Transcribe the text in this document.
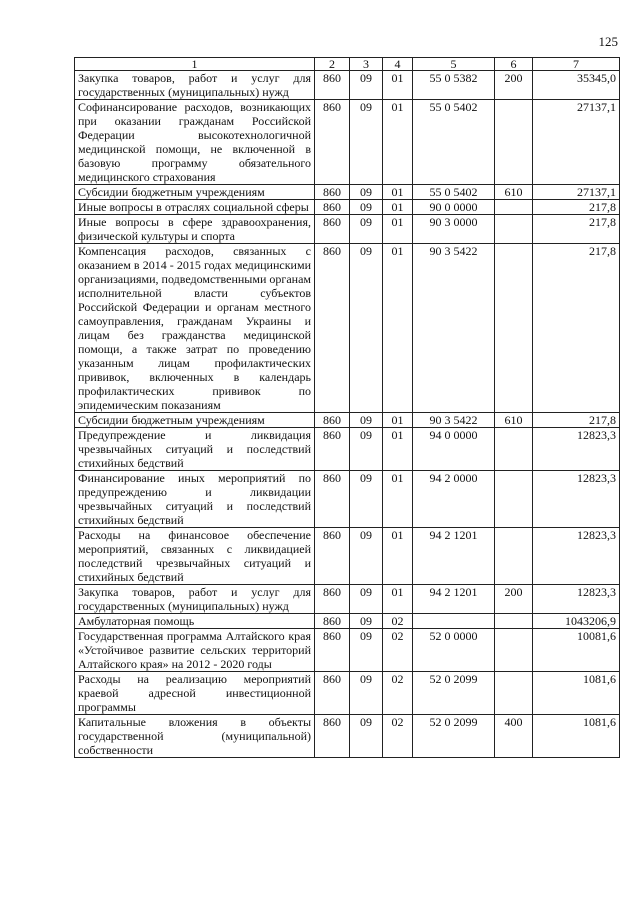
125
1	2	3	4	5	6	7
Закупка товаров, работ и услуг для государственных (муниципальных) нужд	860	09	01	55 0 5382	200	35345,0
Софинансирование расходов, возникающих при оказании гражданам Российской Федерации высокотехнологичной медицинской помощи, не включенной в базовую программу обязательного медицинского страхования	860	09	01	55 0 5402		27137,1
Субсидии бюджетным учреждениям	860	09	01	55 0 5402	610	27137,1
Иные вопросы в отраслях социальной сферы	860	09	01	90 0 0000		217,8
Иные вопросы в сфере здравоохранения, физической культуры и спорта	860	09	01	90 3 0000		217,8
Компенсация расходов, связанных с оказанием в 2014 - 2015 годах медицинскими организациями, подведомственными органам исполнительной власти субъектов Российской Федерации и органам местного самоуправления, гражданам Украины и лицам без гражданства медицинской помощи, а также затрат по проведению указанным лицам профилактических прививок, включенных в календарь профилактических прививок по эпидемическим показаниям	860	09	01	90 3 5422		217,8
Субсидии бюджетным учреждениям	860	09	01	90 3 5422	610	217,8
Предупреждение и ликвидация чрезвычайных ситуаций и последствий стихийных бедствий	860	09	01	94 0 0000		12823,3
Финансирование иных мероприятий по предупреждению и ликвидации чрезвычайных ситуаций и последствий стихийных бедствий	860	09	01	94 2 0000		12823,3
Расходы на финансовое обеспечение мероприятий, связанных с ликвидацией последствий чрезвычайных ситуаций и стихийных бедствий	860	09	01	94 2 1201		12823,3
Закупка товаров, работ и услуг для государственных (муниципальных) нужд	860	09	01	94 2 1201	200	12823,3
Амбулаторная помощь	860	09	02			1043206,9
Государственная программа Алтайского края «Устойчивое развитие сельских территорий Алтайского края» на 2012 - 2020 годы	860	09	02	52 0 0000		10081,6
Расходы на реализацию мероприятий краевой адресной инвестиционной программы	860	09	02	52 0 2099		1081,6
Капитальные вложения в объекты государственной (муниципальной) собственности	860	09	02	52 0 2099	400	1081,6
